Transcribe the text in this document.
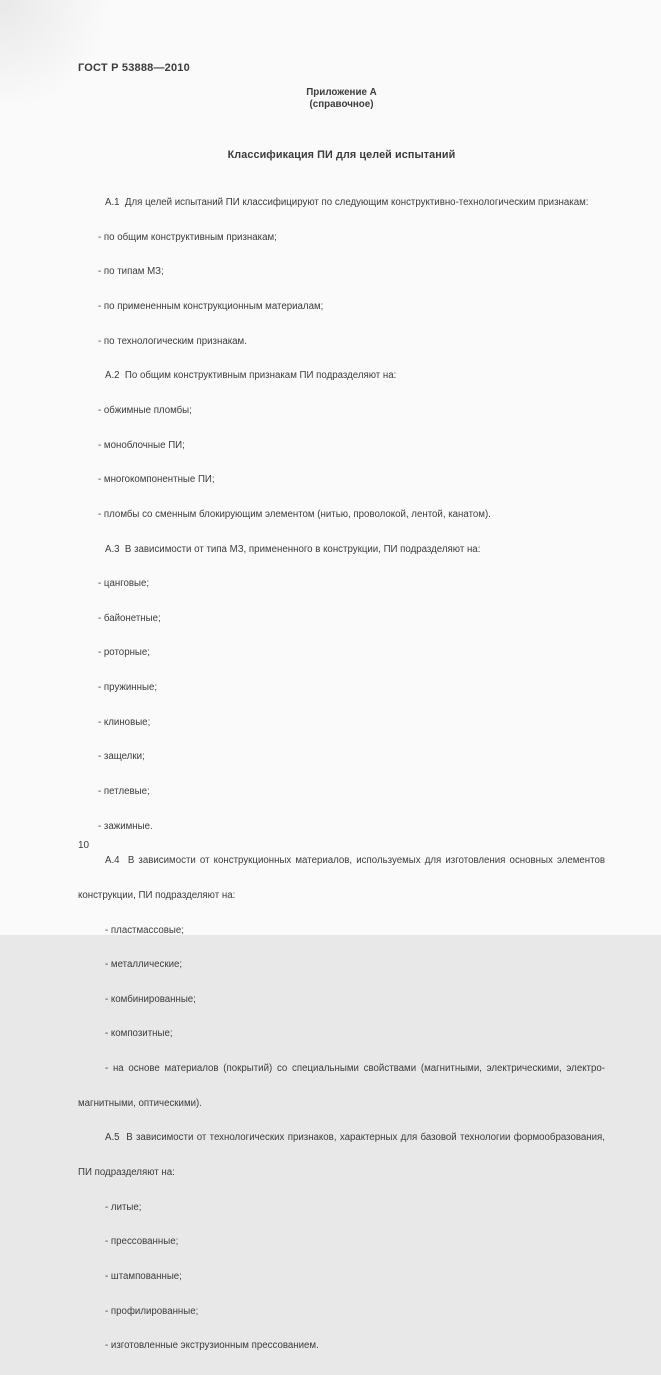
ГОСТ Р 53888—2010
Приложение А
(справочное)
Классификация ПИ для целей испытаний

А.1  Для целей испытаний ПИ классифицируют по следующим конструктивно-технологическим признакам:

- по общим конструктивным признакам;

- по типам МЗ;

- по примененным конструкционным материалам;

- по технологическим признакам.

А.2  По общим конструктивным признакам ПИ подразделяют на:

- обжимные пломбы;

- моноблочные ПИ;

- многокомпонентные ПИ;

- пломбы со сменным блокирующим элементом (нитью, проволокой, лентой, канатом).

А.3  В зависимости от типа МЗ, примененного в конструкции, ПИ подразделяют на:

- цанговые;

- байонетные;

- роторные;

- пружинные;

- клиновые;

- защелки;

- петлевые;

- зажимные.

А.4  В зависимости от конструкционных материалов, используемых для изготовления основных элементов

конструкции, ПИ подразделяют на:

- пластмассовые;

- металлические;

- комбинированные;

- композитные;

- на основе материалов (покрытий) со специальными свойствами (магнитными, электрическими, электро-

магнитными, оптическими).

А.5  В зависимости от технологических признаков, характерных для базовой технологии формообразования,

ПИ подразделяют на:

- литые;

- прессованные;

- штампованные;

- профилированные;

- изготовленные экструзионным прессованием.

10
